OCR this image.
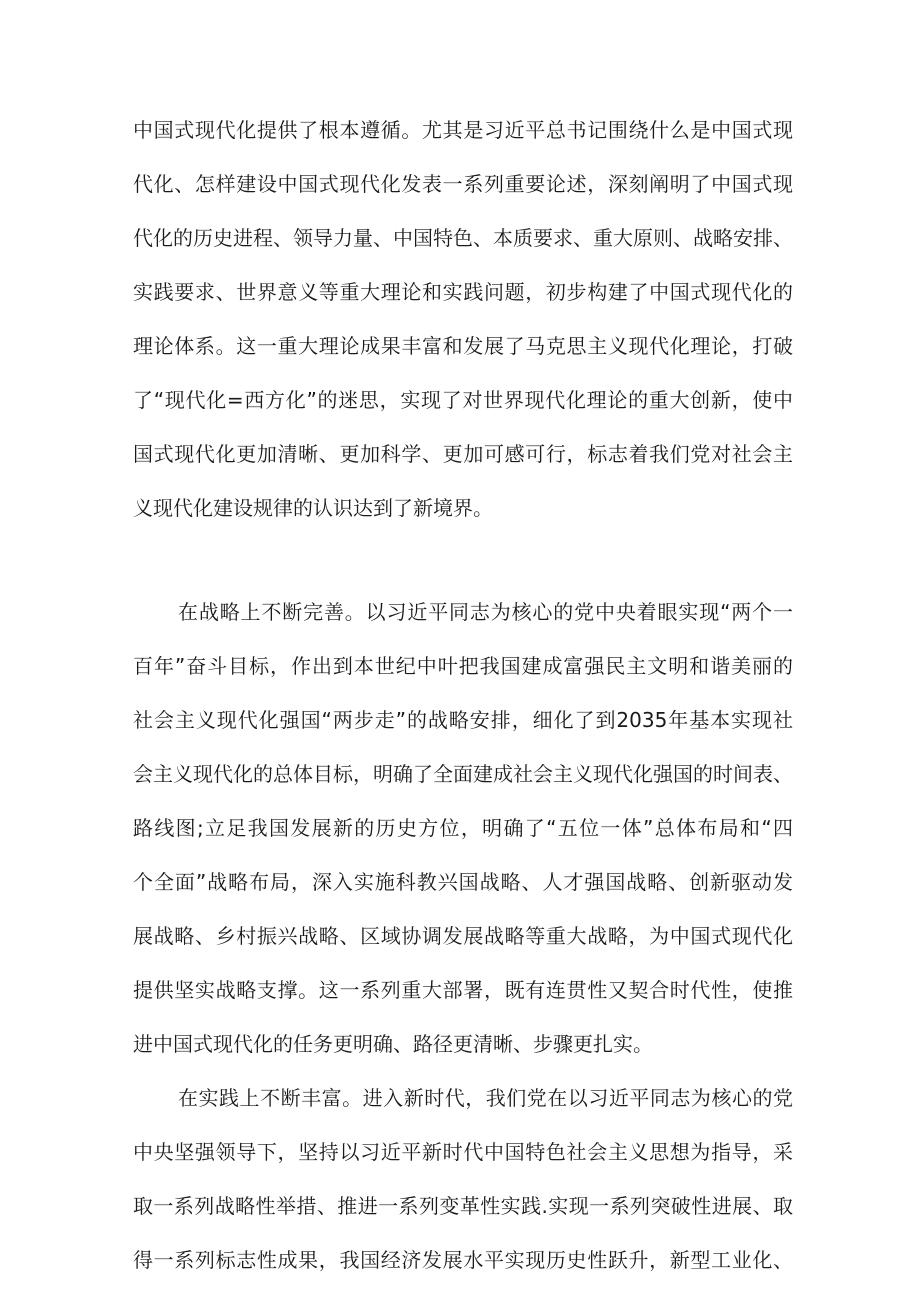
中国式现代化提供了根本遵循。尤其是习近平总书记围绕什么是中国式现
代化、怎样建设中国式现代化发表一系列重要论述，深刻阐明了中国式现
代化的历史进程、领导力量、中国特色、本质要求、重大原则、战略安排、
实践要求、世界意义等重大理论和实践问题，初步构建了中国式现代化的
理论体系。这一重大理论成果丰富和发展了马克思主义现代化理论，打破
了“现代化=西方化”的迷思，实现了对世界现代化理论的重大创新，使中
国式现代化更加清晰、更加科学、更加可感可行，标志着我们党对社会主
义现代化建设规律的认识达到了新境界。
在战略上不断完善。以习近平同志为核心的党中央着眼实现“两个一
百年”奋斗目标，作出到本世纪中叶把我国建成富强民主文明和谐美丽的
社会主义现代化强国“两步走”的战略安排，细化了到2035年基本实现社
会主义现代化的总体目标，明确了全面建成社会主义现代化强国的时间表、
路线图;立足我国发展新的历史方位，明确了“五位一体”总体布局和“四
个全面”战略布局，深入实施科教兴国战略、人才强国战略、创新驱动发
展战略、乡村振兴战略、区域协调发展战略等重大战略，为中国式现代化
提供坚实战略支撑。这一系列重大部署，既有连贯性又契合时代性，使推
进中国式现代化的任务更明确、路径更清晰、步骤更扎实。
在实践上不断丰富。进入新时代，我们党在以习近平同志为核心的党
中央坚强领导下，坚持以习近平新时代中国特色社会主义思想为指导，采
取一系列战略性举措、推进一系列变革性实践.实现一系列突破性进展、取
得一系列标志性成果，我国经济发展水平实现历史性跃升，新型工业化、
